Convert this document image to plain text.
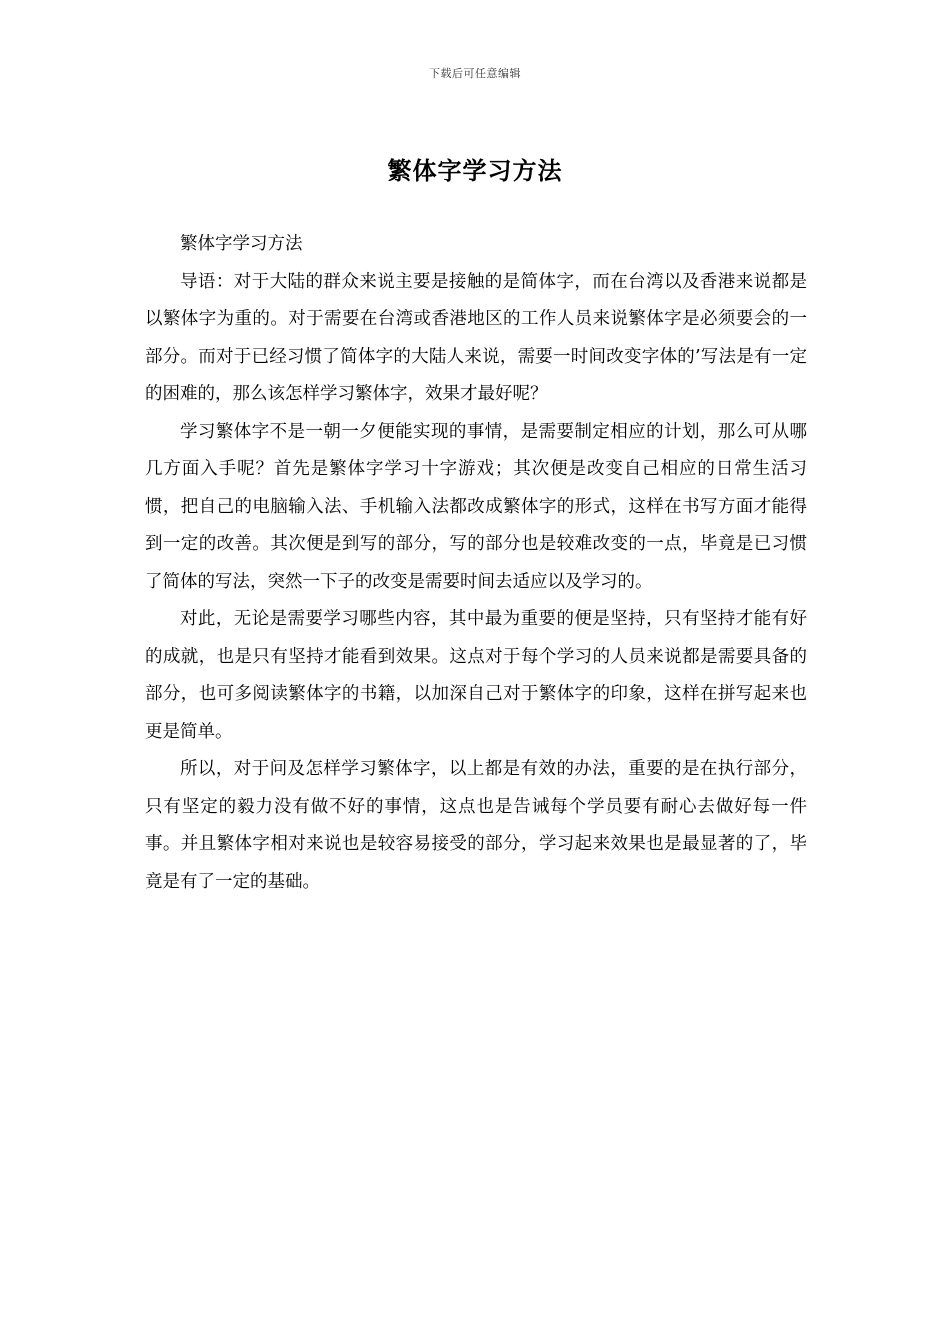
下载后可任意编辑
繁体字学习方法

繁体字学习方法

导语：对于大陆的群众来说主要是接触的是简体字，而在台湾以及香港来说都是以繁体字为重的。对于需要在台湾或香港地区的工作人员来说繁体字是必须要会的一部分。而对于已经习惯了简体字的大陆人来说，需要一时间改变字体的’写法是有一定的困难的，那么该怎样学习繁体字，效果才最好呢？

学习繁体字不是一朝一夕便能实现的事情，是需要制定相应的计划，那么可从哪几方面入手呢？首先是繁体字学习十字游戏；其次便是改变自己相应的日常生活习惯，把自己的电脑输入法、手机输入法都改成繁体字的形式，这样在书写方面才能得到一定的改善。其次便是到写的部分，写的部分也是较难改变的一点，毕竟是已习惯了简体的写法，突然一下子的改变是需要时间去适应以及学习的。

对此，无论是需要学习哪些内容，其中最为重要的便是坚持，只有坚持才能有好的成就，也是只有坚持才能看到效果。这点对于每个学习的人员来说都是需要具备的部分，也可多阅读繁体字的书籍，以加深自己对于繁体字的印象，这样在拼写起来也更是简单。

所以，对于问及怎样学习繁体字，以上都是有效的办法，重要的是在执行部分，只有坚定的毅力没有做不好的事情，这点也是告诫每个学员要有耐心去做好每一件事。并且繁体字相对来说也是较容易接受的部分，学习起来效果也是最显著的了，毕竟是有了一定的基础。
